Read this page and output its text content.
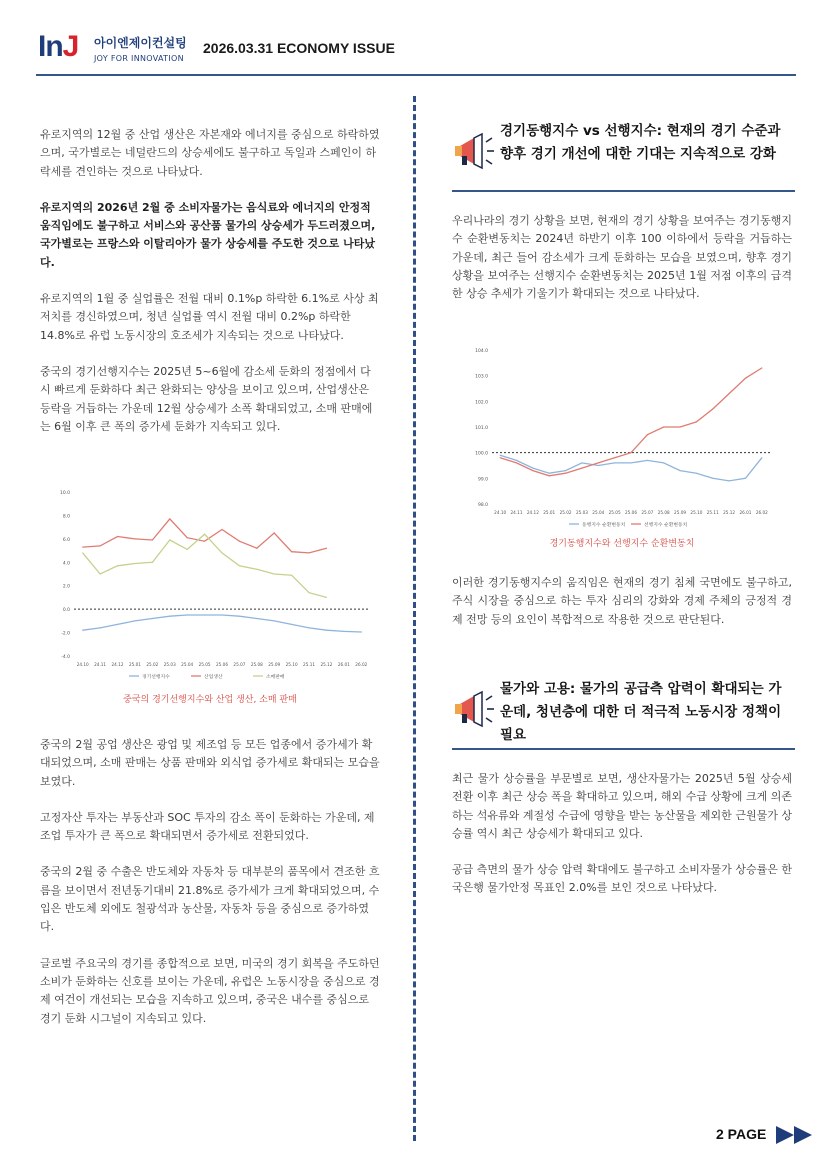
InJ 아이엔제이컨설팅
JOY FOR INNOVATION
2026.03.31 ECONOMY ISSUE

유로지역의 12월 중 산업 생산은 자본재와 에너지를 중심으로 하락하였으며, 국가별로는 네덜란드의 상승세에도 불구하고 독일과 스페인이 하락세를 견인하는 것으로 나타났다.

유로지역의 2026년 2월 중 소비자물가는 음식료와 에너지의 안정적 움직임에도 불구하고 서비스와 공산품 물가의 상승세가 두드러졌으며, 국가별로는 프랑스와 이탈리아가 물가 상승세를 주도한 것으로 나타났다.

유로지역의 1월 중 실업률은 전월 대비 0.1%p 하락한 6.1%로 사상 최저치를 경신하였으며, 청년 실업률 역시 전월 대비 0.2%p 하락한 14.8%로 유럽 노동시장의 호조세가 지속되는 것으로 나타났다.

중국의 경기선행지수는 2025년 5~6월에 감소세 둔화의 정점에서 다시 빠르게 둔화하다 최근 완화되는 양상을 보이고 있으며, 산업생산은 등락을 거듭하는 가운데 12월 상승세가 소폭 확대되었고, 소매 판매에는 6월 이후 큰 폭의 증가세 둔화가 지속되고 있다.

10.0
8.0
6.0
4.0
2.0
0.0
-2.0
-4.0
24.10 24.11 24.12 25.01 25.02 25.03 25.04 25.05 25.06 25.07 25.08 25.09 25.10 25.11 25.12 26.01 26.02
경기선행지수	산업생산	소매판매
중국의 경기선행지수와 산업 생산, 소매 판매

중국의 2월 공업 생산은 광업 및 제조업 등 모든 업종에서 증가세가 확대되었으며, 소매 판매는 상품 판매와 외식업 증가세로 확대되는 모습을 보였다.

고정자산 투자는 부동산과 SOC 투자의 감소 폭이 둔화하는 가운데, 제조업 투자가 큰 폭으로 확대되면서 증가세로 전환되었다.

중국의 2월 중 수출은 반도체와 자동차 등 대부분의 품목에서 견조한 흐름을 보이면서 전년동기대비 21.8%로 증가세가 크게 확대되었으며, 수입은 반도체 외에도 철광석과 농산물, 자동차 등을 중심으로 증가하였다.

글로벌 주요국의 경기를 종합적으로 보면, 미국의 경기 회복을 주도하던 소비가 둔화하는 신호를 보이는 가운데, 유럽은 노동시장을 중심으로 경제 여건이 개선되는 모습을 지속하고 있으며, 중국은 내수를 중심으로 경기 둔화 시그널이 지속되고 있다.

경기동행지수 vs 선행지수: 현재의 경기 수준과 향후 경기 개선에 대한 기대는 지속적으로 강화

우리나라의 경기 상황을 보면, 현재의 경기 상황을 보여주는 경기동행지수 순환변동치는 2024년 하반기 이후 100 이하에서 등락을 거듭하는 가운데, 최근 들어 감소세가 크게 둔화하는 모습을 보였으며, 향후 경기 상황을 보여주는 선행지수 순환변동치는 2025년 1월 저점 이후의 급격한 상승 추세가 기울기가 확대되는 것으로 나타났다.

104.0
103.0
102.0
101.0
100.0
99.0
98.0
24.10 24.11 24.12 25.01 25.02 25.03 25.04 25.05 25.06 25.07 25.08 25.09 25.10 25.11 25.12 26.01 26.02
동행지수 순환변동치	선행지수 순환변동치
경기동행지수와 선행지수 순환변동치

이러한 경기동행지수의 움직임은 현재의 경기 침체 국면에도 불구하고, 주식 시장을 중심으로 하는 투자 심리의 강화와 경제 주체의 긍정적 경제 전망 등의 요인이 복합적으로 작용한 것으로 판단된다.

물가와 고용: 물가의 공급측 압력이 확대되는 가운데, 청년층에 대한 더 적극적 노동시장 정책이 필요

최근 물가 상승률을 부문별로 보면, 생산자물가는 2025년 5월 상승세 전환 이후 최근 상승 폭을 확대하고 있으며, 해외 수급 상황에 크게 의존하는 석유류와 계절성 수급에 영향을 받는 농산물을 제외한 근원물가 상승률 역시 최근 상승세가 확대되고 있다.

공급 측면의 물가 상승 압력 확대에도 불구하고 소비자물가 상승률은 한국은행 물가안정 목표인 2.0%를 보인 것으로 나타났다.

2 PAGE
